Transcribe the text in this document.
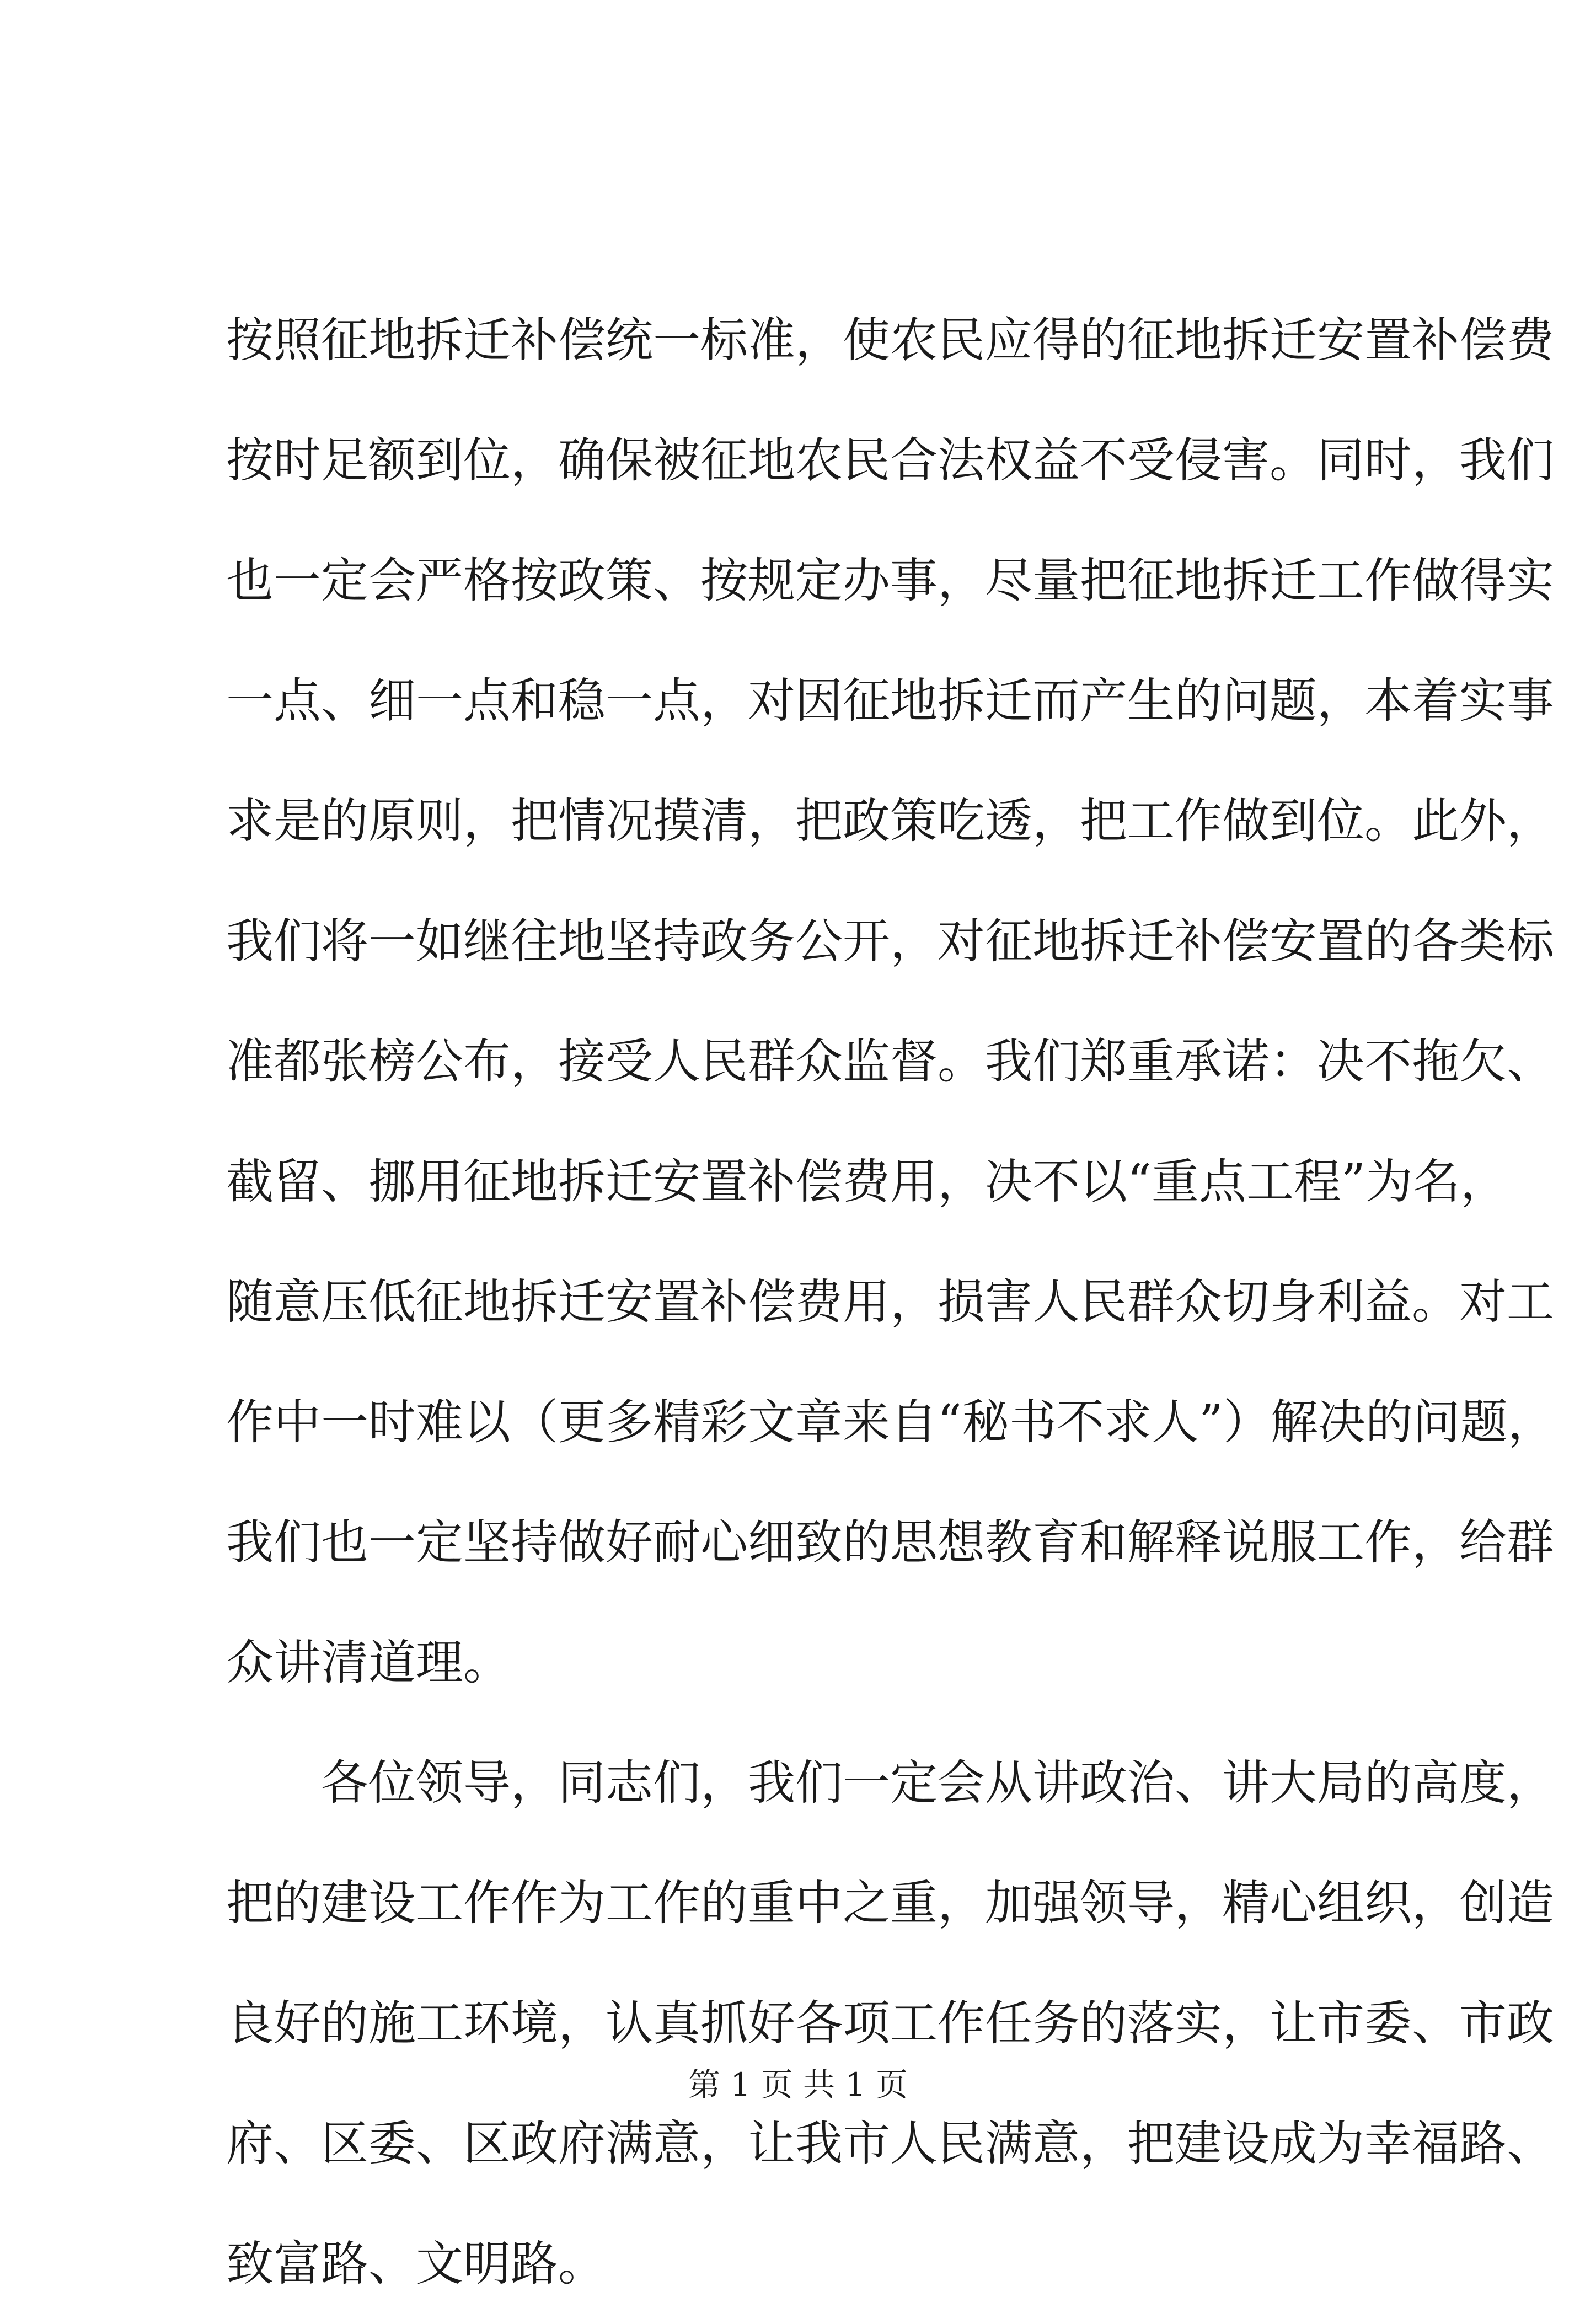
按照征地拆迁补偿统一标准，使农民应得的征地拆迁安置补偿费
按时足额到位，确保被征地农民合法权益不受侵害。同时，我们
也一定会严格按政策、按规定办事，尽量把征地拆迁工作做得实
一点、细一点和稳一点，对因征地拆迁而产生的问题，本着实事
求是的原则，把情况摸清，把政策吃透，把工作做到位。此外，
我们将一如继往地坚持政务公开，对征地拆迁补偿安置的各类标
准都张榜公布，接受人民群众监督。我们郑重承诺：决不拖欠、
截留、挪用征地拆迁安置补偿费用，决不以“重点工程”为名，
随意压低征地拆迁安置补偿费用，损害人民群众切身利益。对工
作中一时难以（更多精彩文章来自“秘书不求人”）解决的问题，
我们也一定坚持做好耐心细致的思想教育和解释说服工作，给群
众讲清道理。
各位领导，同志们，我们一定会从讲政治、讲大局的高度，
把的建设工作作为工作的重中之重，加强领导，精心组织，创造
良好的施工环境，认真抓好各项工作任务的落实，让市委、市政
府、区委、区政府满意，让我市人民满意，把建设成为幸福路、
致富路、文明路。
第 1 页 共 1 页
